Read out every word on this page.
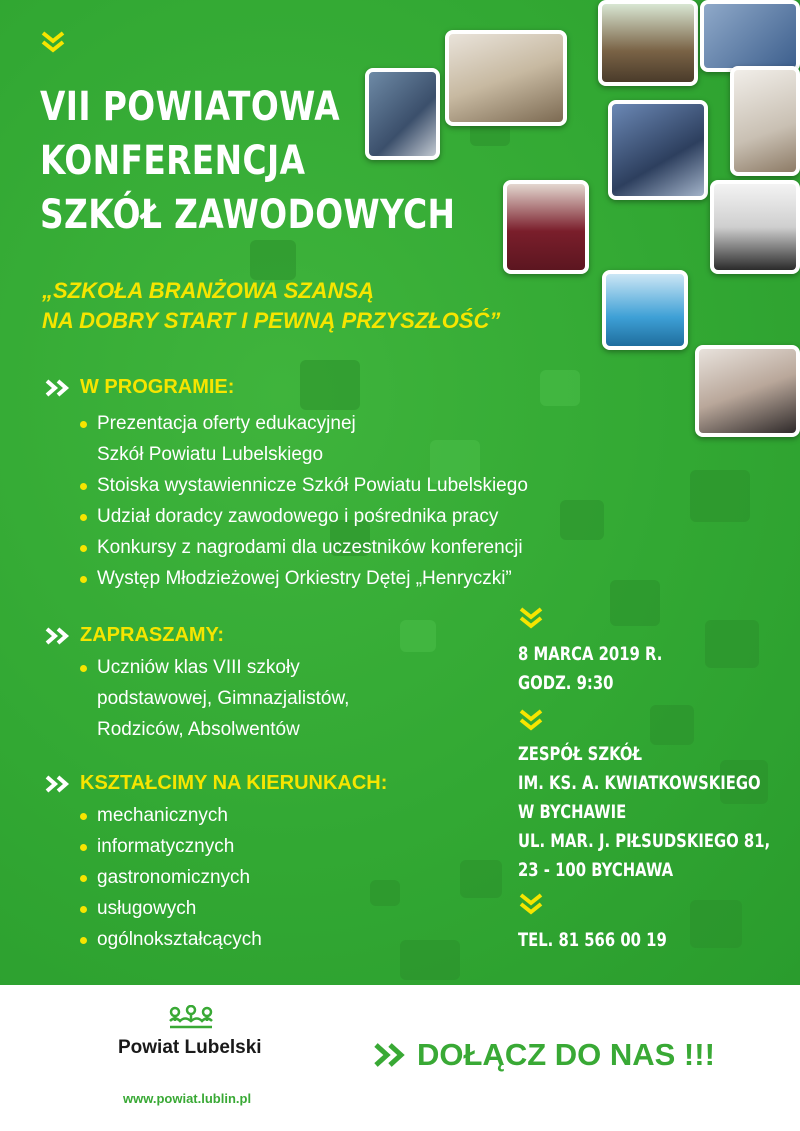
VII POWIATOWA
KONFERENCJA
SZKÓŁ ZAWODOWYCH
„SZKOŁA BRANŻOWA SZANSĄ
NA DOBRY START I PEWNĄ PRZYSZŁOŚĆ”
W PROGRAMIE:
Prezentacja oferty edukacyjnej
Szkół Powiatu Lubelskiego
Stoiska wystawiennicze Szkół Powiatu Lubelskiego
Udział doradcy zawodowego i pośrednika pracy
Konkursy z nagrodami dla uczestników konferencji
Występ Młodzieżowej Orkiestry Dętej „Henryczki”
ZAPRASZAMY:
Uczniów klas VIII szkoły
podstawowej, Gimnazjalistów,
Rodziców, Absolwentów
KSZTAŁCIMY NA KIERUNKACH:
mechanicznych
informatycznych
gastronomicznych
usługowych
ogólnokształcących
8 MARCA 2019 R.
GODZ. 9:30
ZESPÓŁ SZKÓŁ
IM. KS. A. KWIATKOWSKIEGO
W BYCHAWIE
UL. MAR. J. PIŁSUDSKIEGO 81,
23 - 100 BYCHAWA
TEL. 81 566 00 19
Powiat Lubelski
www.powiat.lublin.pl
DOŁĄCZ DO NAS !!!
